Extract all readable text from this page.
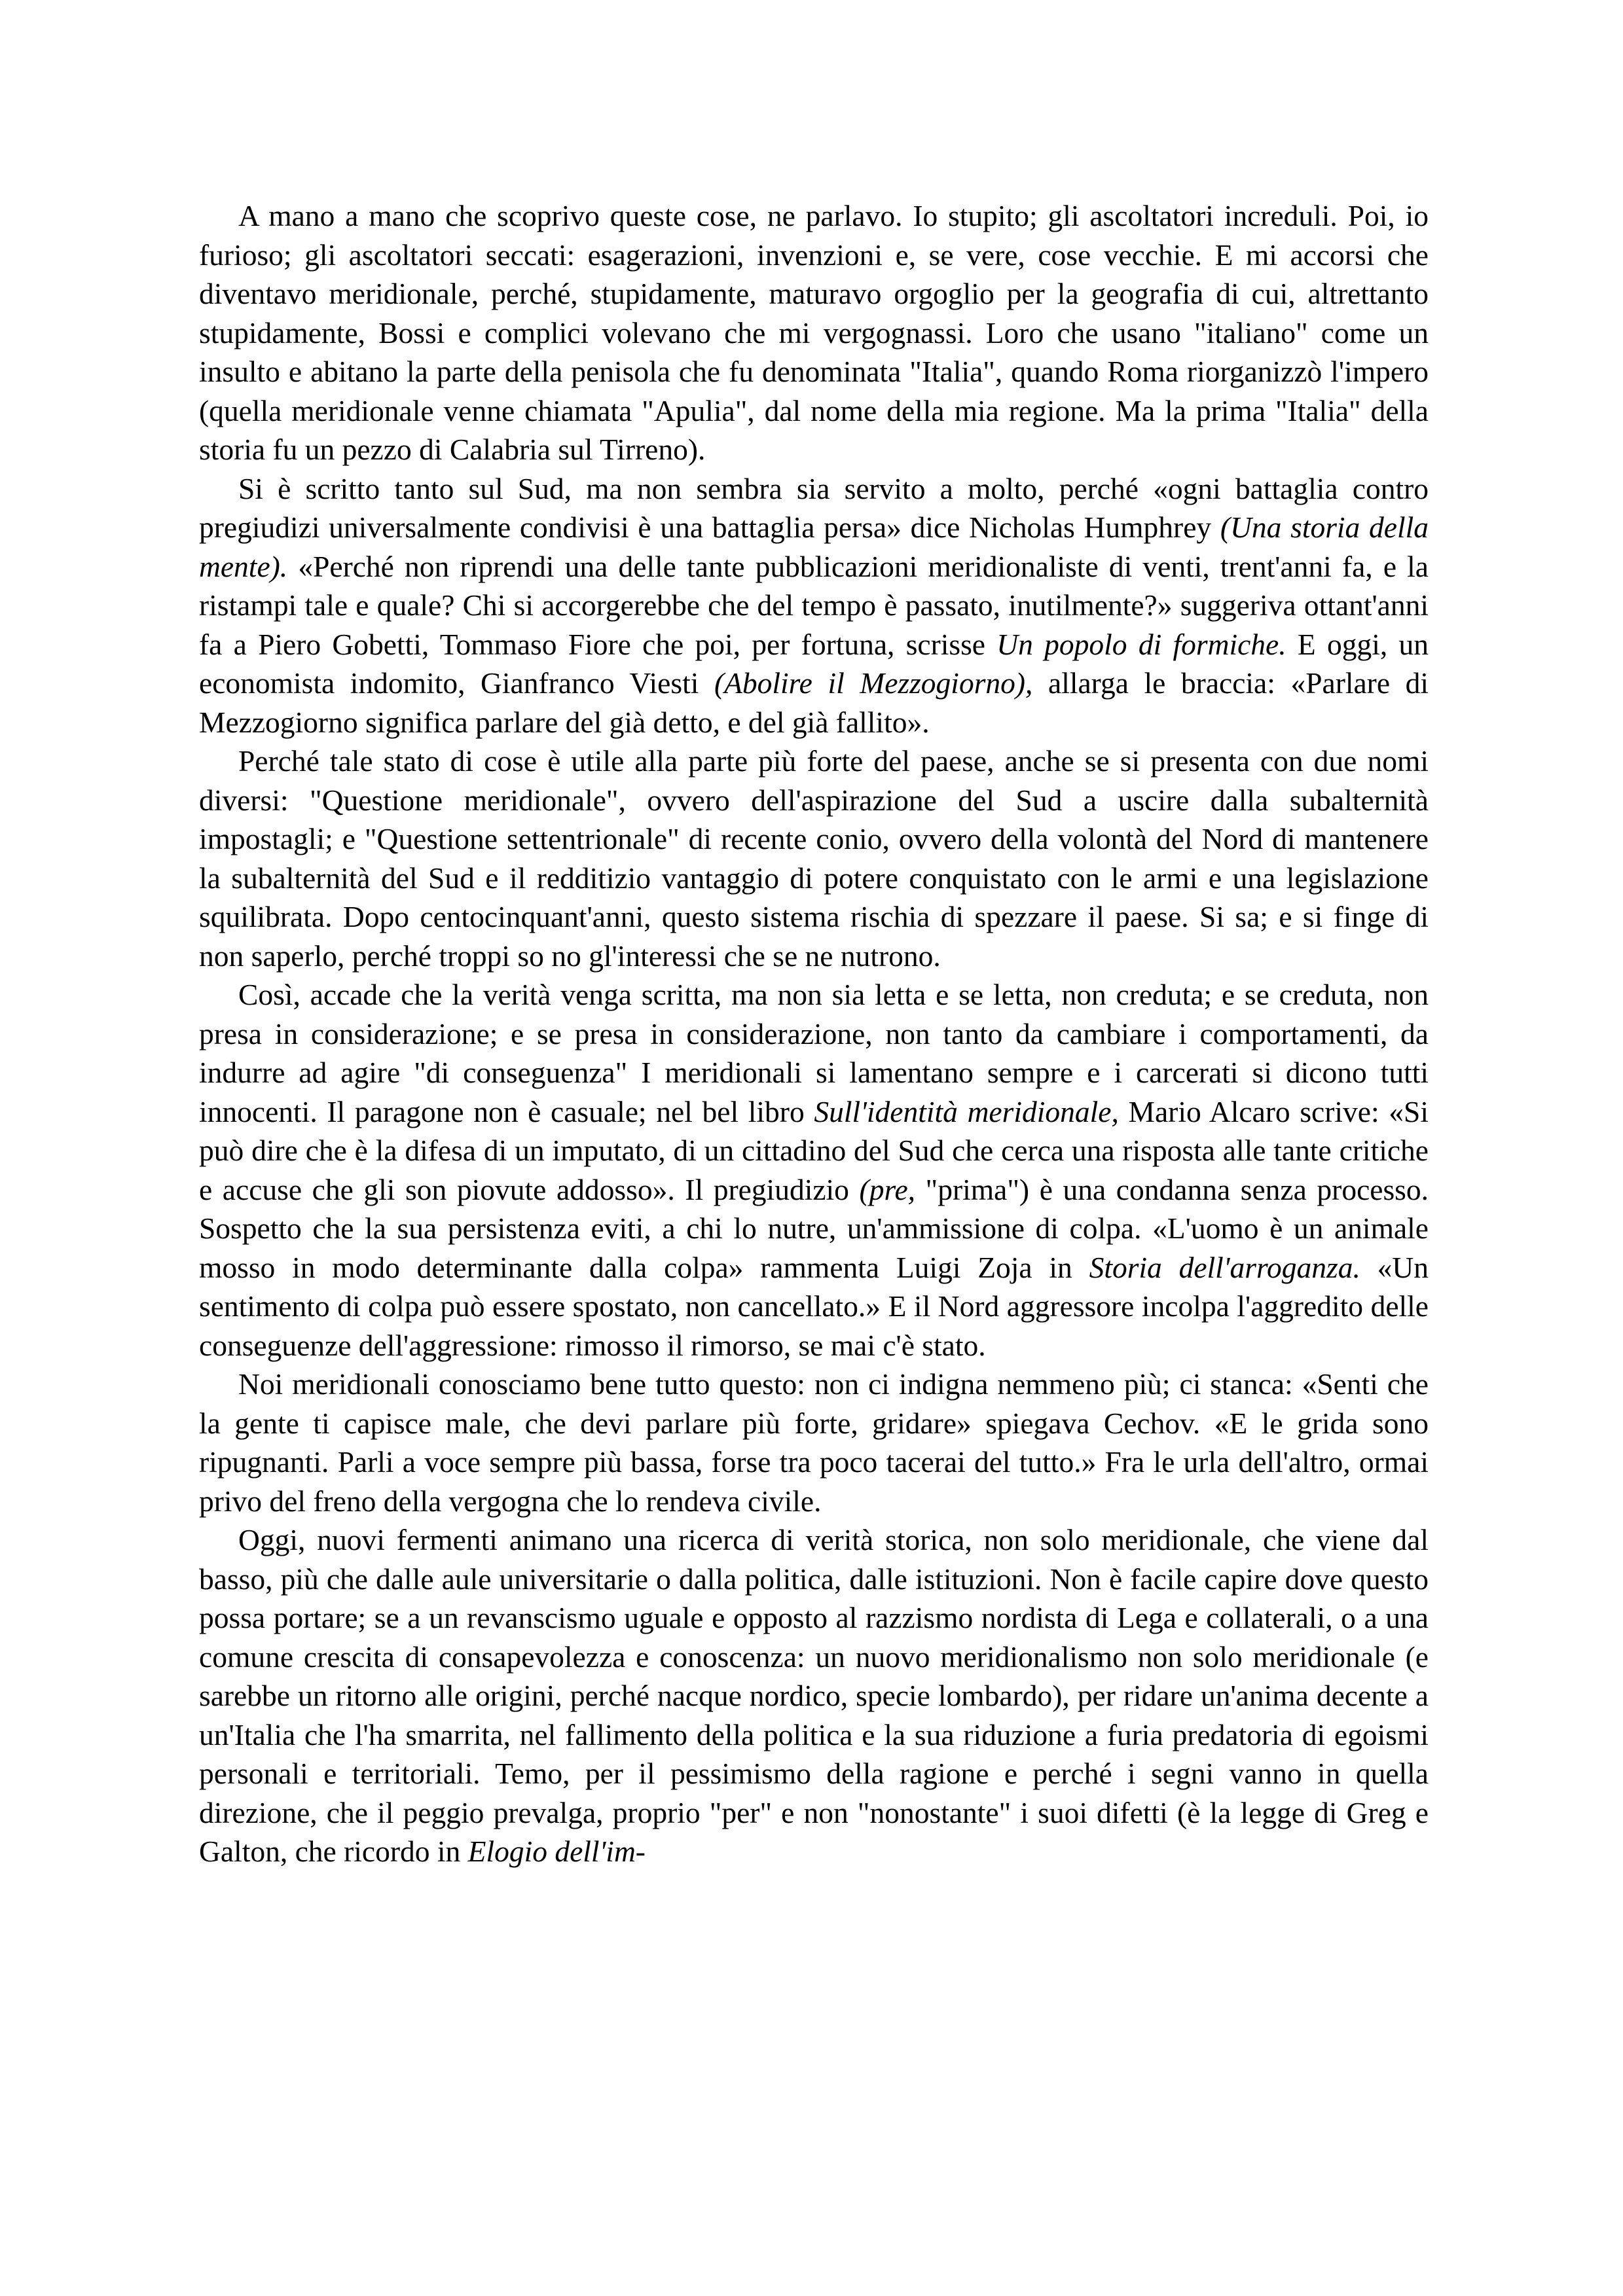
A mano a mano che scoprivo queste cose, ne parlavo. Io stupito; gli ascoltatori increduli. Poi, io furioso; gli ascoltatori seccati: esagerazioni, invenzioni e, se vere, cose vecchie. E mi accorsi che diventavo meridionale, perché, stupidamente, maturavo orgoglio per la geografia di cui, altrettanto stupidamente, Bossi e complici volevano che mi vergognassi. Loro che usano "italiano" come un insulto e abitano la parte della penisola che fu denominata "Italia", quando Roma riorganizzò l'impero (quella meridionale venne chiamata "Apulia", dal nome della mia regione. Ma la prima "Italia" della storia fu un pezzo di Calabria sul Tirreno).

Si è scritto tanto sul Sud, ma non sembra sia servito a molto, perché «ogni battaglia contro pregiudizi universalmente condivisi è una battaglia persa» dice Nicholas Humphrey (Una storia della mente). «Perché non riprendi una delle tante pubblicazioni meridionaliste di venti, trent'anni fa, e la ristampi tale e quale? Chi si accorgerebbe che del tempo è passato, inutilmente?» suggeriva ottant'anni fa a Piero Gobetti, Tommaso Fiore che poi, per fortuna, scrisse Un popolo di formiche. E oggi, un economista indomito, Gianfranco Viesti (Abolire il Mezzogiorno), allarga le braccia: «Parlare di Mezzogiorno significa parlare del già detto, e del già fallito».

Perché tale stato di cose è utile alla parte più forte del paese, anche se si presenta con due nomi diversi: "Questione meridionale", ovvero dell'aspirazione del Sud a uscire dalla subalternità impostagli; e "Questione settentrionale" di recente conio, ovvero della volontà del Nord di mantenere la subalternità del Sud e il redditizio vantaggio di potere conquistato con le armi e una legislazione squilibrata. Dopo centocinquant'anni, questo sistema rischia di spezzare il paese. Si sa; e si finge di non saperlo, perché troppi so no gl'interessi che se ne nutrono.

Così, accade che la verità venga scritta, ma non sia letta e se letta, non creduta; e se creduta, non presa in considerazione; e se presa in considerazione, non tanto da cambiare i comportamenti, da indurre ad agire "di conseguenza" I meridionali si lamentano sempre e i carcerati si dicono tutti innocenti. Il paragone non è casuale; nel bel libro Sull'identità meridionale, Mario Alcaro scrive: «Si può dire che è la difesa di un imputato, di un cittadino del Sud che cerca una risposta alle tante critiche e accuse che gli son piovute addosso». Il pregiudizio (pre, "prima") è una condanna senza processo. Sospetto che la sua persistenza eviti, a chi lo nutre, un'ammissione di colpa. «L'uomo è un animale mosso in modo determinante dalla colpa» rammenta Luigi Zoja in Storia dell'arroganza. «Un sentimento di colpa può essere spostato, non cancellato.» E il Nord aggressore incolpa l'aggredito delle conseguenze dell'aggressione: rimosso il rimorso, se mai c'è stato.

Noi meridionali conosciamo bene tutto questo: non ci indigna nemmeno più; ci stanca: «Senti che la gente ti capisce male, che devi parlare più forte, gridare» spiegava Cechov. «E le grida sono ripugnanti. Parli a voce sempre più bassa, forse tra poco tacerai del tutto.» Fra le urla dell'altro, ormai privo del freno della vergogna che lo rendeva civile.

Oggi, nuovi fermenti animano una ricerca di verità storica, non solo meridionale, che viene dal basso, più che dalle aule universitarie o dalla politica, dalle istituzioni. Non è facile capire dove questo possa portare; se a un revanscismo uguale e opposto al razzismo nordista di Lega e collaterali, o a una comune crescita di consapevolezza e conoscenza: un nuovo meridionalismo non solo meridionale (e sarebbe un ritorno alle origini, perché nacque nordico, specie lombardo), per ridare un'anima decente a un'Italia che l'ha smarrita, nel fallimento della politica e la sua riduzione a furia predatoria di egoismi personali e territoriali. Temo, per il pessimismo della ragione e perché i segni vanno in quella direzione, che il peggio prevalga, proprio "per" e non "nonostante" i suoi difetti (è la legge di Greg e Galton, che ricordo in Elogio dell'im-
